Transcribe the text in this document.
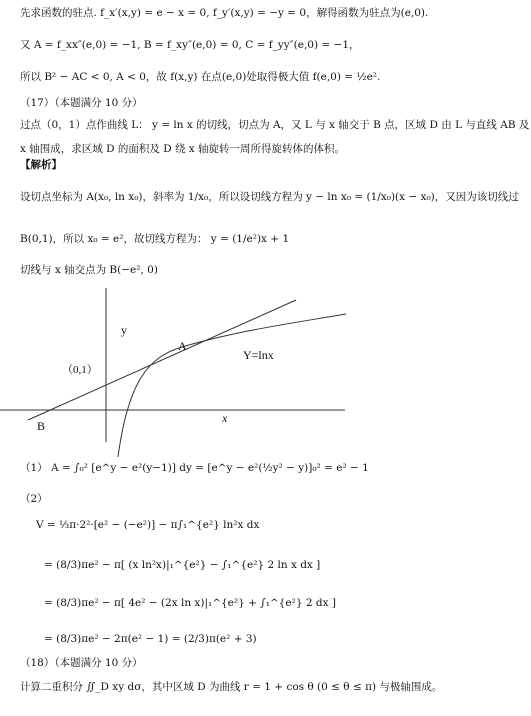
先求函数的驻点. f_x′(x,y) = e − x = 0, f_y′(x,y) = −y = 0，解得函数为驻点为(e,0).
又 A = f_xx″(e,0) = −1, B = f_xy″(e,0) = 0, C = f_yy″(e,0) = −1，
所以 B² − AC < 0, A < 0，故 f(x,y) 在点(e,0)处取得极大值 f(e,0) = ½e².
（17）（本题满分 10 分）
过点（0，1）点作曲线 L： y = ln x 的切线，切点为 A，又 L 与 x 轴交于 B 点，区域 D 由 L 与直线 AB 及
x 轴围成，求区域 D 的面积及 D 绕 x 轴旋转一周所得旋转体的体积。
【解析】
设切点坐标为 A(x₀, ln x₀)，斜率为 1/x₀，所以设切线方程为 y − ln x₀ = (1/x₀)(x − x₀)，又因为该切线过
B(0,1)，所以 x₀ = e²，故切线方程为： y = (1/e²)x + 1
切线与 x 轴交点为 B(−e², 0)
y
x
A
B
Y=lnx
（0,1）
（1） A = ∫₀² [e^y − e²(y−1)] dy = [e^y − e²(½y² − y)]₀² = e² − 1
（2）
V = ⅓π·2²·[e² − (−e²)] − π∫₁^{e²} ln²x dx
= (8/3)πe² − π[ (x ln²x)|₁^{e²} − ∫₁^{e²} 2 ln x dx ]
= (8/3)πe² − π[ 4e² − (2x ln x)|₁^{e²} + ∫₁^{e²} 2 dx ]
= (8/3)πe² − 2π(e² − 1) = (2/3)π(e² + 3)
（18）（本题满分 10 分）
计算二重积分 ∬_D xy dσ，其中区域 D 为曲线 r = 1 + cos θ (0 ≤ θ ≤ π) 与极轴围成。
